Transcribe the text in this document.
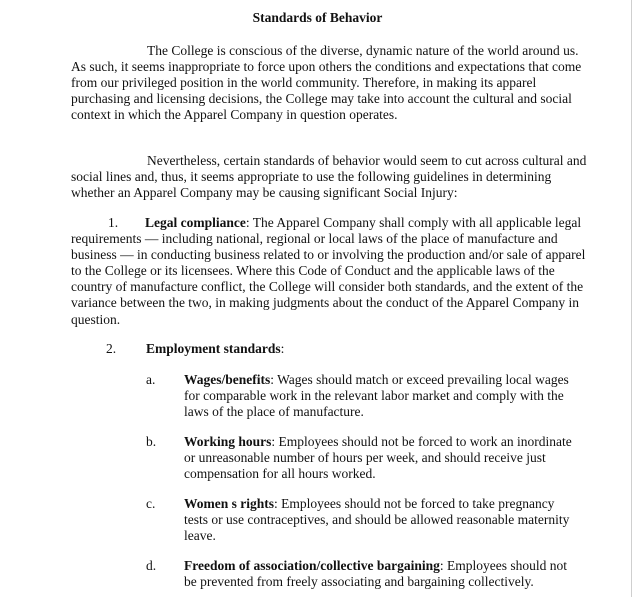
Standards of Behavior

The College is conscious of the diverse, dynamic nature of the world around us. As such, it seems inappropriate to force upon others the conditions and expectations that come from our privileged position in the world community. Therefore, in making its apparel purchasing and licensing decisions, the College may take into account the cultural and social context in which the Apparel Company in question operates.

Nevertheless, certain standards of behavior would seem to cut across cultural and social lines and, thus, it seems appropriate to use the following guidelines in determining whether an Apparel Company may be causing significant Social Injury:

1. Legal compliance: The Apparel Company shall comply with all applicable legal requirements — including national, regional or local laws of the place of manufacture and business — in conducting business related to or involving the production and/or sale of apparel to the College or its licensees. Where this Code of Conduct and the applicable laws of the country of manufacture conflict, the College will consider both standards, and the extent of the variance between the two, in making judgments about the conduct of the Apparel Company in question.

2. Employment standards:
a. Wages/benefits: Wages should match or exceed prevailing local wages for comparable work in the relevant labor market and comply with the laws of the place of manufacture.

b. Working hours: Employees should not be forced to work an inordinate or unreasonable number of hours per week, and should receive just compensation for all hours worked.

c. Women s rights: Employees should not be forced to take pregnancy tests or use contraceptives, and should be allowed reasonable maternity leave.

d. Freedom of association/collective bargaining: Employees should not be prevented from freely associating and bargaining collectively.
